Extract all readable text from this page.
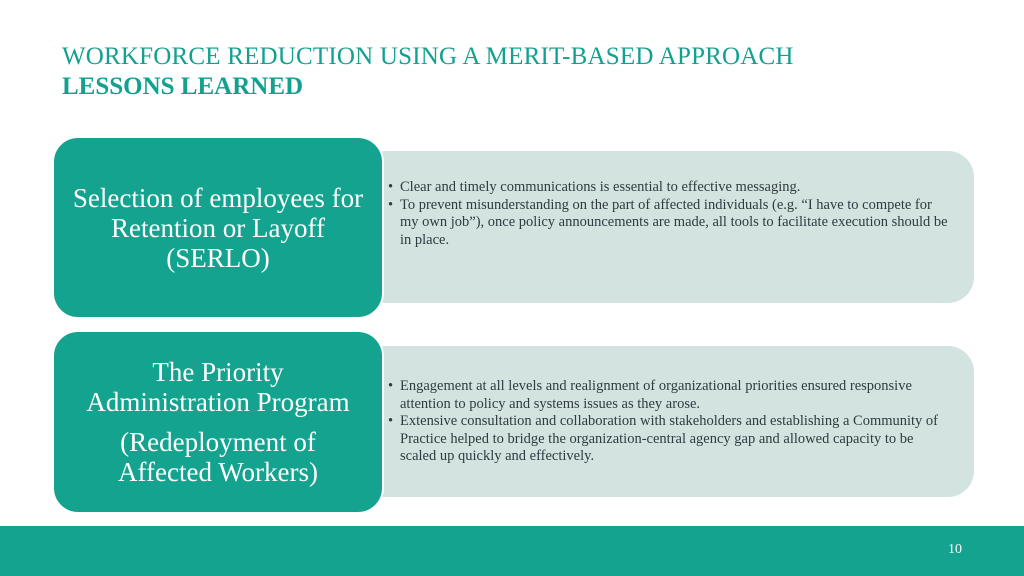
WORKFORCE REDUCTION USING A MERIT-BASED APPROACH
LESSONS LEARNED
• Clear and timely communications is essential to effective messaging.
• To prevent misunderstanding on the part of affected individuals (e.g. “I have to compete for my own job”), once policy announcements are made, all tools to facilitate execution should be in place.
Selection of employees for Retention or Layoff (SERLO)
• Engagement at all levels and realignment of organizational priorities ensured responsive attention to policy and systems issues as they arose.
• Extensive consultation and collaboration with stakeholders and establishing a Community of Practice helped to bridge the organization-central agency gap and allowed capacity to be scaled up quickly and effectively.
The Priority Administration Program
(Redeployment of Affected Workers)
10
